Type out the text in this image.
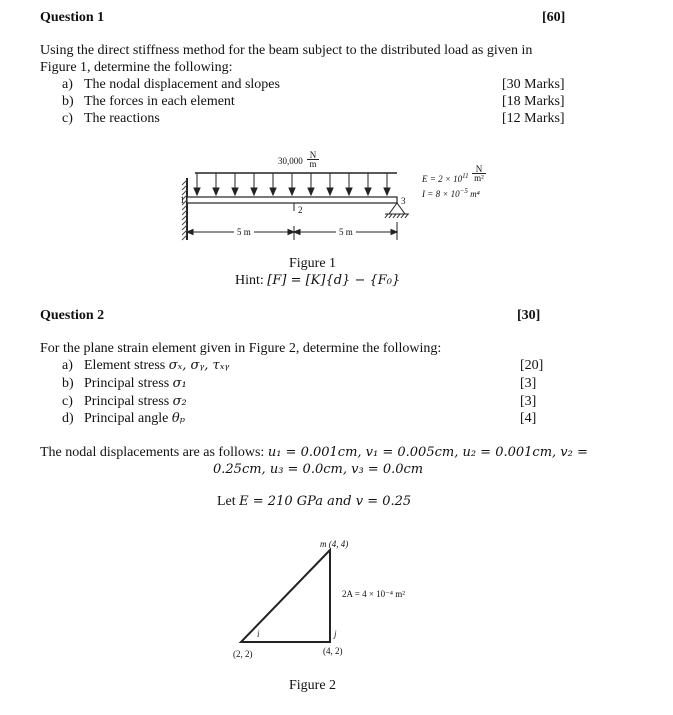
Question 1	[60]
Using the direct stiffness method for the beam subject to the distributed load as given in
Figure 1, determine the following:
a) The nodal displacement and slopes	[30 Marks]
b) The forces in each element	[18 Marks]
c) The reactions	[12 Marks]
$30,000 \frac{N}{m}$
1
2
3
5 m	5 m
$E = 2 \times 10^{11} \frac{N}{\text{m²}}$
$I = 8 \times 10^{-5}$ m⁴
Figure 1
Hint: [F] = [K]{d} − {F₀}
Question 2	[30]
For the plane strain element given in Figure 2, determine the following:
a) Element stress σₓ, σᵧ, τₓᵧ	[20]
b) Principal stress σ₁	[3]
c) Principal stress σ₂	[3]
d) Principal angle θₚ	[4]
The nodal displacements are as follows: u₁ = 0.001cm, v₁ = 0.005cm, u₂ = 0.001cm, v₂ =
0.25cm, u₃ = 0.0cm, v₃ = 0.0cm
Let E = 210 GPa and v = 0.25
m (4, 4)
i	j
(2, 2)	(4, 2)
2A = 4 × 10⁻⁴ m²
Figure 2
